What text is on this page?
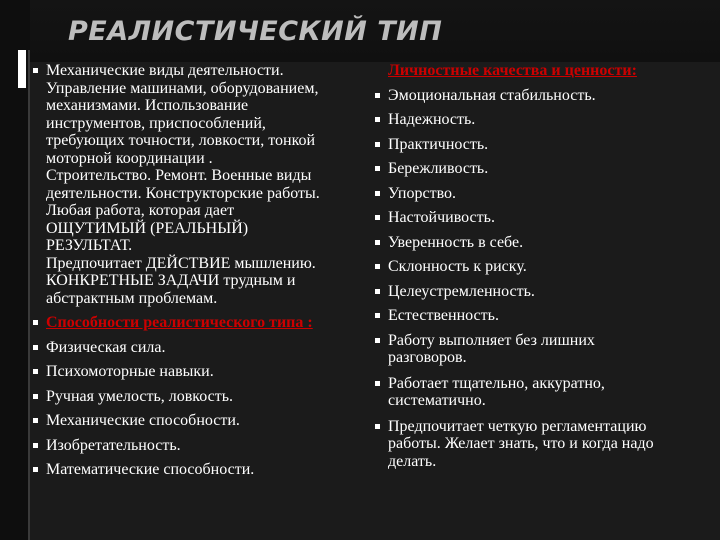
РЕАЛИСТИЧЕСКИЙ ТИП
Механические виды деятельности.
Управление машинами, оборудованием,
механизмами. Использование
инструментов, приспособлений,
требующих точности, ловкости, тонкой
моторной координации .
Строительство. Ремонт. Военные виды
деятельности. Конструкторские работы.
Любая работа, которая дает
ОЩУТИМЫЙ (РЕАЛЬНЫЙ)
РЕЗУЛЬТАТ.
Предпочитает ДЕЙСТВИЕ мышлению.
КОНКРЕТНЫЕ ЗАДАЧИ трудным и
абстрактным проблемам.
Способности реалистического типа :
Физическая сила.
Психомоторные навыки.
Ручная умелость, ловкость.
Механические способности.
Изобретательность.
Математические способности.
Личностные качества и ценности:
Эмоциональная стабильность.
Надежность.
Практичность.
Бережливость.
Упорство.
Настойчивость.
Уверенность в себе.
Склонность к риску.
Целеустремленность.
Естественность.
Работу выполняет без лишних
разговоров.
Работает тщательно, аккуратно,
систематично.
Предпочитает четкую регламентацию
работы. Желает знать, что и когда надо
делать.
